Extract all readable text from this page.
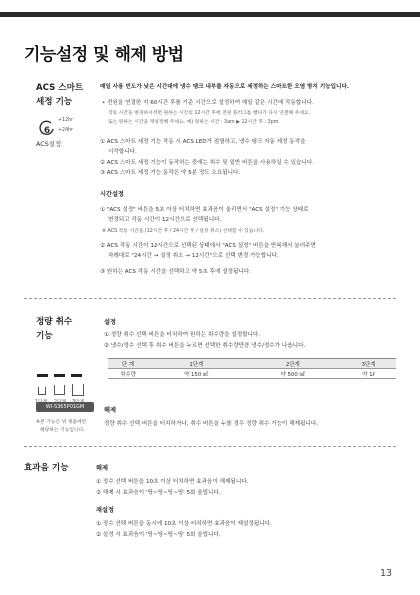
기능설정 및 해제 방법
ACS 스마트
세정 기능
6
+12hr
+24hr
ACS설정
매일 사용 빈도가 낮은 시간대에 냉수 탱크 내부를 자동으로 세정하는 스마트한 오염 방지 기능입니다.
• 전원을 연결한 지 60시간 후를 기준 시간으로 설정하여 매일 같은 시간에 작동합니다.
작동 시간을 변경하시려면 원하는 시간의 12시간 후에 전원 플러그를 뺐다가 다시 연결해 주세요.
또는 원하는 시간을 재설정해 주세요. 예) 원하는 시간 : 3am ▶ 12시간 후 : 3pm
① ACS 스마트 세정 기능 작동 시 ACS LED가 점멸하고, 냉수 탱크 자동 세정 동작을
시작합니다.
② ACS 스마트 세정 기능이 동작하는 중에는 취수 및 일반 버튼을 사용하실 수 있습니다.
③ ACS 스마트 세정 기능 동작은 약 5분 정도 소요됩니다.
시간설정
① "ACS 설정" 버튼을 5초 이상 터치하면 효과음이 울리면서 "ACS 설정" 기능 상태로
변경되고 작동 시간이 12시간으로 선택됩니다.
※ ACS 작동 시간을 (12시간 후 / 24시간 후 / 설정 취소) 선택할 수 있습니다.
② ACS 작동 시간이 12시간으로 선택된 상태에서 "ACS 설정" 버튼을 반복해서 눌러주면
차례대로 "24시간 → 설정 취소 → 12시간"으로 선택 변경 가능합니다.
③ 원하는 ACS 작동 시간을 선택하고 약 5초 후에 설정됩니다.
정량 취수
기능
설정
① 정량 취수 선택 버튼을 터치하여 원하는 취수량을 설정합니다.
② 냉수/정수 선택 후 취수 버튼을 누르면 선택한 취수량만큼 냉수/정수가 나옵니다.
단 계	1단계	2단계	3단계
취수량	약 150 ㎖	약 500 ㎖	약 1ℓ
WI-S365P01GM
※본 기능은 위 제품에만
해당하는 기능입니다.
해제
정량 취수 선택 버튼을 터치하거나, 취수 버튼을 누를 경우 정량 취수 기능이 해제됩니다.
효과음 기능	해제
① 정수 선택 버튼을 10초 이상 터치하면 효과음이 해제됩니다.
② 해제 시 효과음이 '띵~띵~띵~띵' 5회 울립니다.
재설정
① 정수 선택 버튼을 동시에 10초 이상 터치하면 효과음이 재설정됩니다.
② 설정 시 효과음이 '띵~띵~띵~띵' 5회 울립니다.
13
